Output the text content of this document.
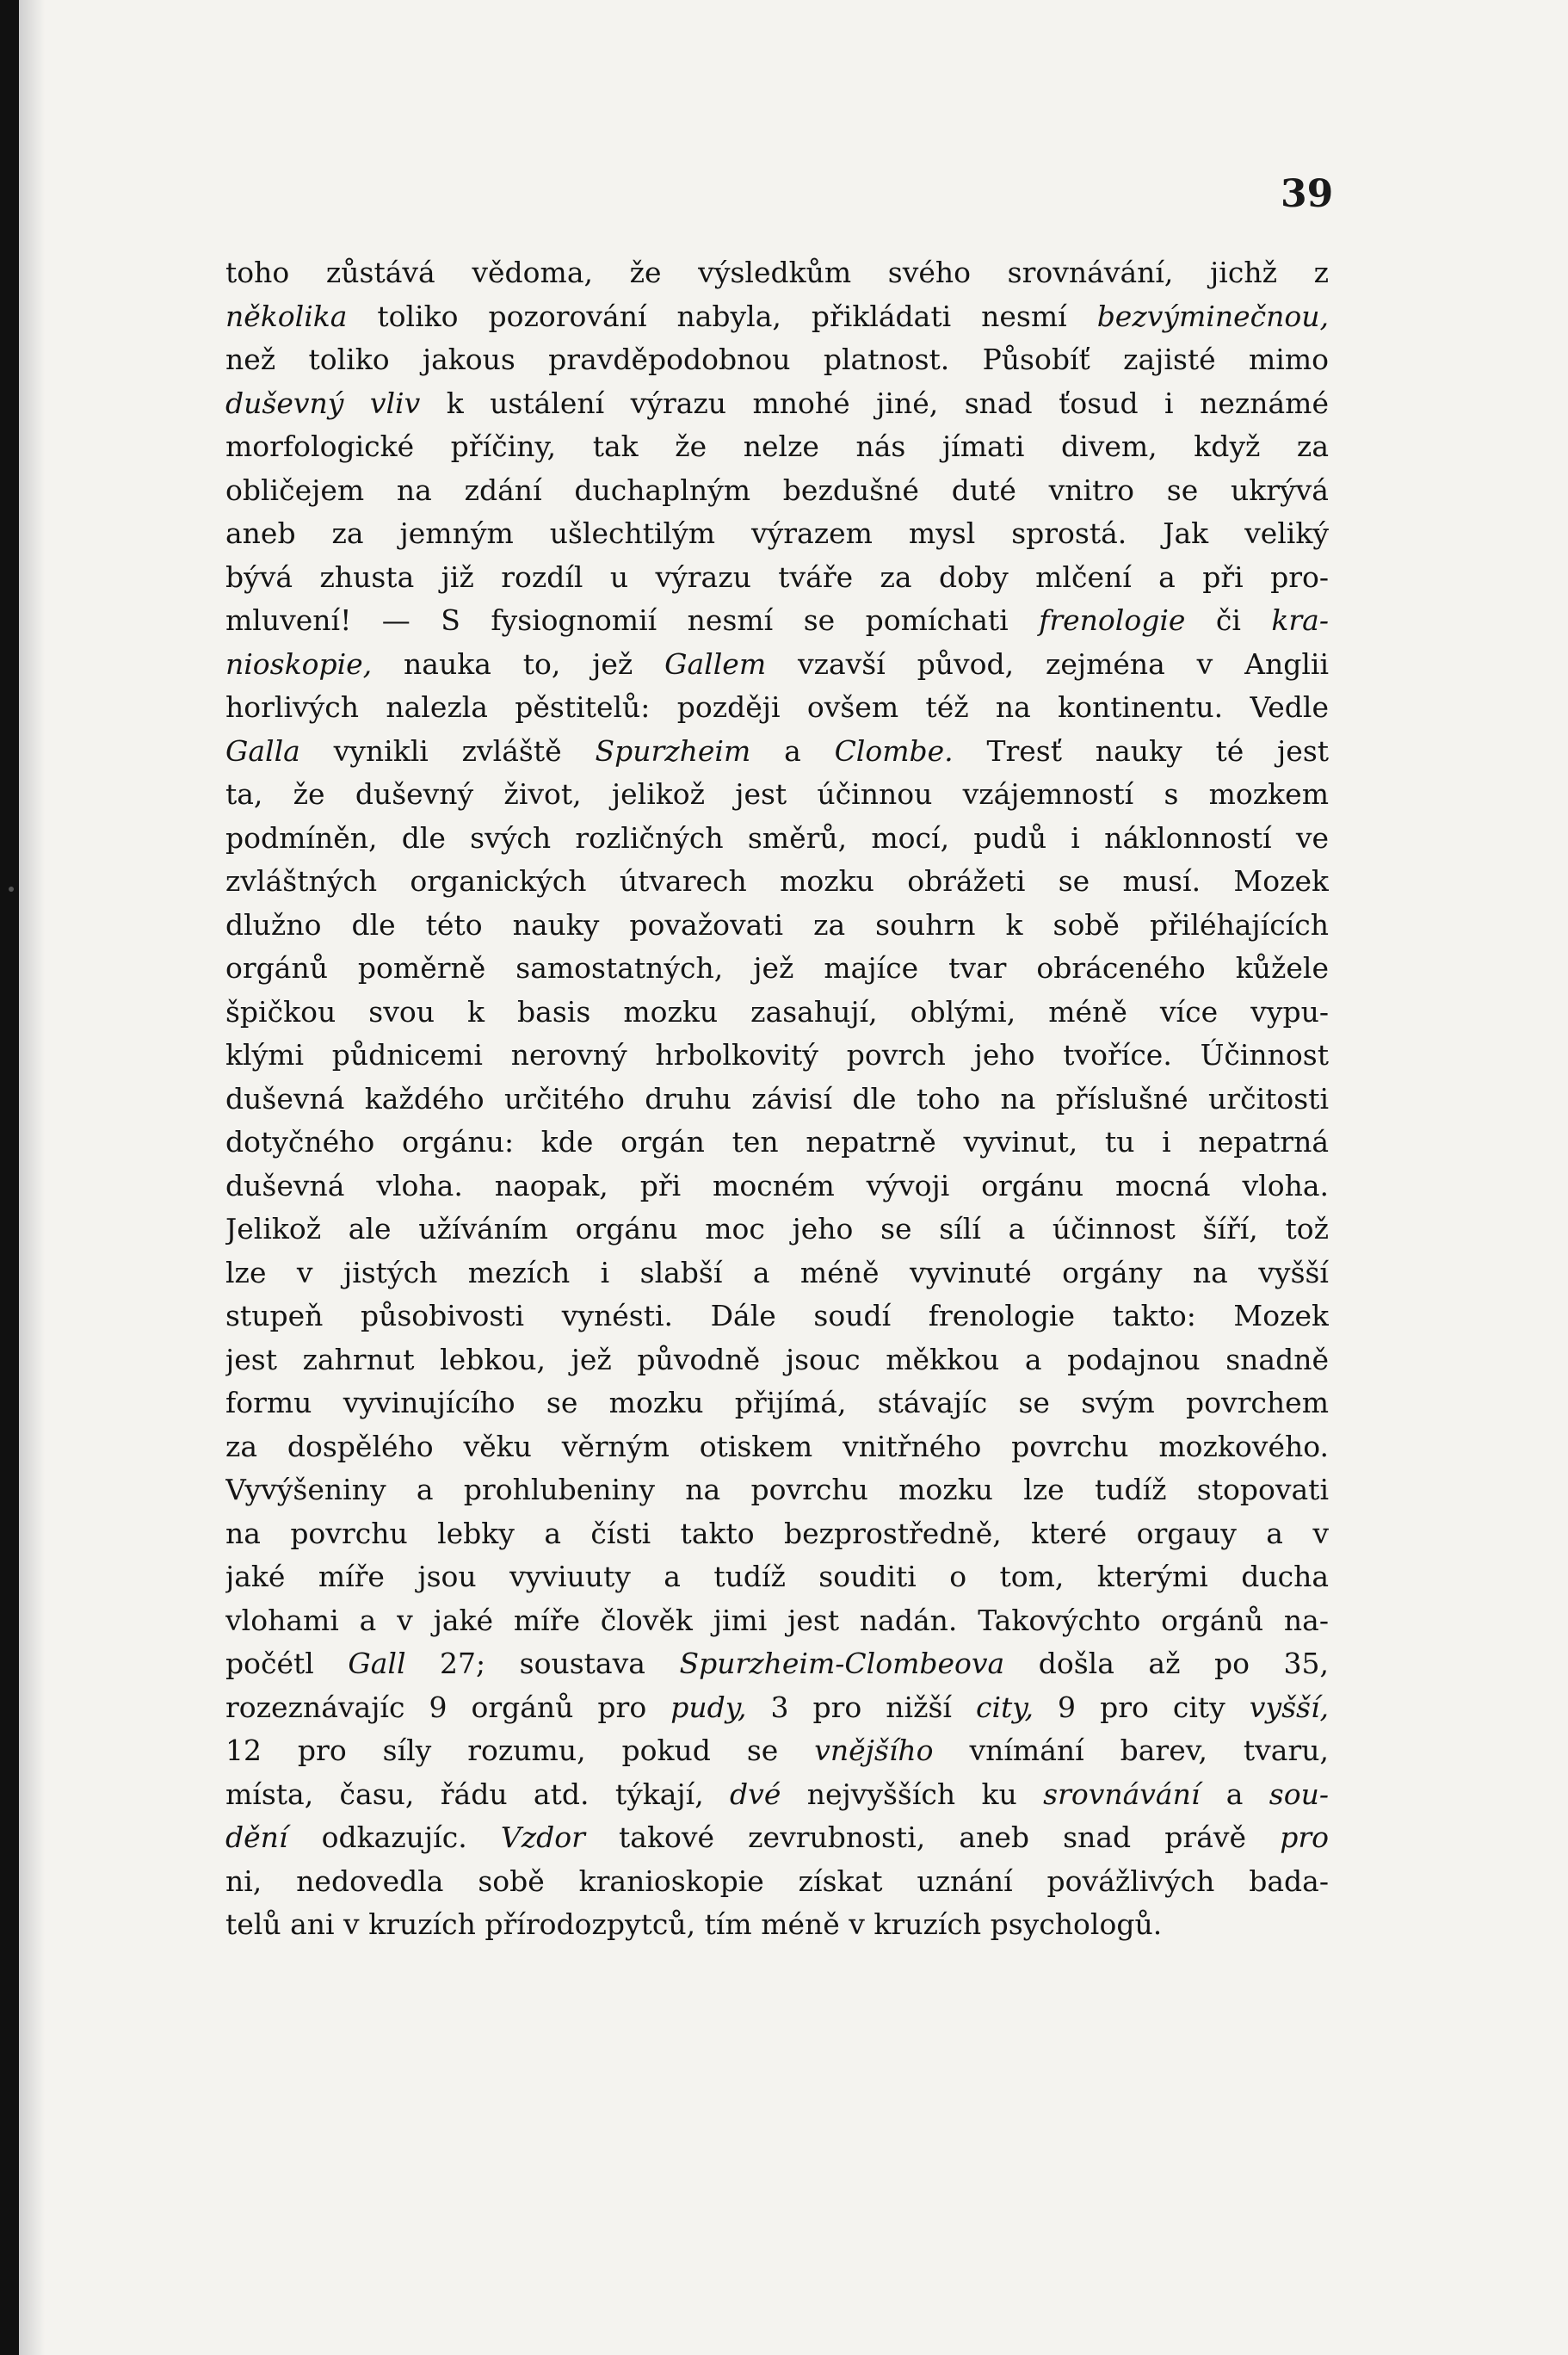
39
toho zůstává vědoma, že výsledkům svého srovnávání, jichž z
několika toliko pozorování nabyla, přikládati nesmí bezvýminečnou,
než toliko jakous pravděpodobnou platnost. Působíť zajisté mimo
duševný vliv k ustálení výrazu mnohé jiné, snad ťosud i neznámé
morfologické příčiny, tak že nelze nás jímati divem, když za
obličejem na zdání duchaplným bezdušné duté vnitro se ukrývá
aneb za jemným ušlechtilým výrazem mysl sprostá. Jak veliký
bývá zhusta již rozdíl u výrazu tváře za doby mlčení a při pro-
mluvení! — S fysiognomií nesmí se pomíchati frenologie či kra-
nioskopie, nauka to, jež Gallem vzavší původ, zejména v Anglii
horlivých nalezla pěstitelů: později ovšem též na kontinentu. Vedle
Galla vynikli zvláště Spurzheim a Clombe. Tresť nauky té jest
ta, že duševný život, jelikož jest účinnou vzájemností s mozkem
podmíněn, dle svých rozličných směrů, mocí, pudů i náklonností ve
zvláštných organických útvarech mozku obrážeti se musí. Mozek
dlužno dle této nauky považovati za souhrn k sobě přiléhajících
orgánů poměrně samostatných, jež majíce tvar obráceného kůžele
špičkou svou k basis mozku zasahují, oblými, méně více vypu-
klými půdnicemi nerovný hrbolkovitý povrch jeho tvoříce. Účinnost
duševná každého určitého druhu závisí dle toho na příslušné určitosti
dotyčného orgánu: kde orgán ten nepatrně vyvinut, tu i nepatrná
duševná vloha. naopak, při mocném vývoji orgánu mocná vloha.
Jelikož ale užíváním orgánu moc jeho se sílí a účinnost šíří, tož
lze v jistých mezích i slabší a méně vyvinuté orgány na vyšší
stupeň působivosti vynésti. Dále soudí frenologie takto: Mozek
jest zahrnut lebkou, jež původně jsouc měkkou a podajnou snadně
formu vyvinujícího se mozku přijímá, stávajíc se svým povrchem
za dospělého věku věrným otiskem vnitřného povrchu mozkového.
Vyvýšeniny a prohlubeniny na povrchu mozku lze tudíž stopovati
na povrchu lebky a čísti takto bezprostředně, které orgauy a v
jaké míře jsou vyviuuty a tudíž souditi o tom, kterými ducha
vlohami a v jaké míře člověk jimi jest nadán. Takovýchto orgánů na-
počétl Gall 27; soustava Spurzheim-Clombeova došla až po 35,
rozeznávajíc 9 orgánů pro pudy, 3 pro nižší city, 9 pro city vyšší,
12 pro síly rozumu, pokud se vnějšího vnímání barev, tvaru,
místa, času, řádu atd. týkají, dvé nejvyšších ku srovnávání a sou-
dění odkazujíc. Vzdor takové zevrubnosti, aneb snad právě pro
ni, nedovedla sobě kranioskopie získat uznání povážlivých bada-
telů ani v kruzích přírodozpytců, tím méně v kruzích psychologů.
